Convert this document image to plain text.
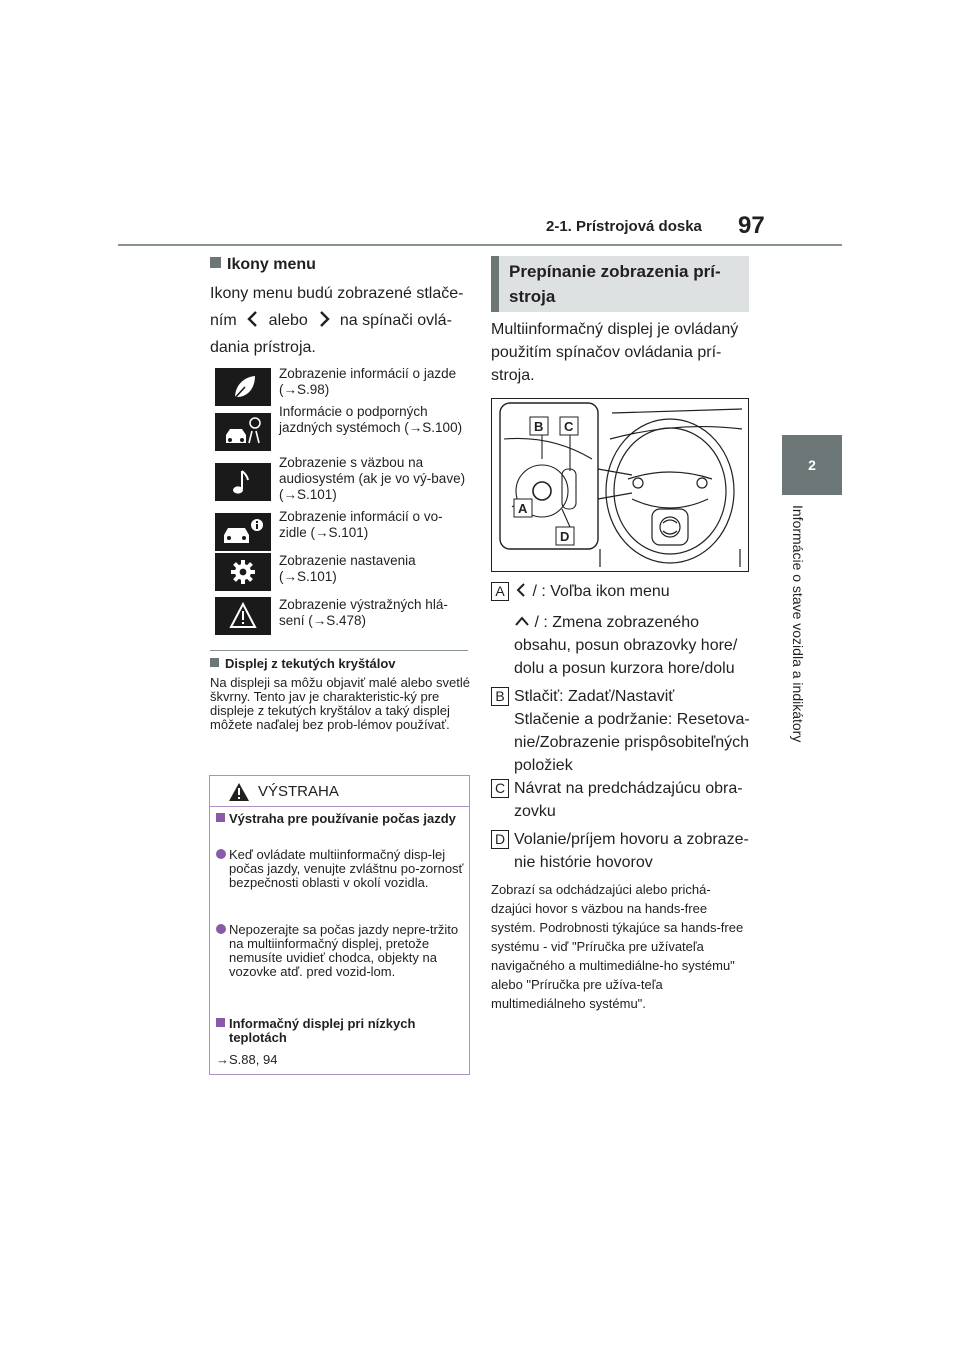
2-1. Prístrojová doska 97
2
Informácie o stave vozidla a indikátory
Ikony menu
Ikony menu budú zobrazené stlače-
ním alebo na spínači ovlá-
dania prístroja.
Zobrazenie informácií o jazde (→S.98)
Informácie o podporných jazdných systémoch (→S.100)
Zobrazenie s väzbou na audiosystém (ak je vo vý-bave) (→S.101)
Zobrazenie informácií o vo-zidle (→S.101)
Zobrazenie nastavenia (→S.101)
Zobrazenie výstražných hlá-sení (→S.478)
Displej z tekutých kryštálov
Na displeji sa môžu objaviť malé alebo svetlé škvrny. Tento jav je charakteristic-ký pre displeje z tekutých kryštálov a taký displej môžete naďalej bez prob-lémov používať.
VÝSTRAHA
Výstraha pre používanie počas jazdy
Keď ovládate multiinformačný disp-lej počas jazdy, venujte zvláštnu po-zornosť bezpečnosti oblasti v okolí vozidla.
Nepozerajte sa počas jazdy nepre-tržito na multiinformačný displej, pretože nemusíte uvidieť chodca, objekty na vozovke atď. pred vozid-lom.
Informačný displej pri nízkych teplotách
→S.88, 94
Prepínanie zobrazenia prí-stroja
Multiinformačný displej je ovládaný použitím spínačov ovládania prí-stroja.
B C
A
D
A	/ : Voľba ikon menu
/ : Zmena zobrazeného obsahu, posun obrazovky hore/ dolu a posun kurzora hore/dolu
B Stlačiť: Zadať/Nastaviť
Stlačenie a podržanie: Resetova-nie/Zobrazenie prispôsobiteľných položiek
C Návrat na predchádzajúcu obra-zovku
D Volanie/príjem hovoru a zobraze-nie histórie hovorov
Zobrazí sa odchádzajúci alebo prichá-dzajúci hovor s väzbou na hands-free systém. Podrobnosti týkajúce sa hands-free systému - viď "Príručka pre užívateľa navigačného a multimediálne-ho systému" alebo "Príručka pre užíva-teľa multimediálneho systému".
